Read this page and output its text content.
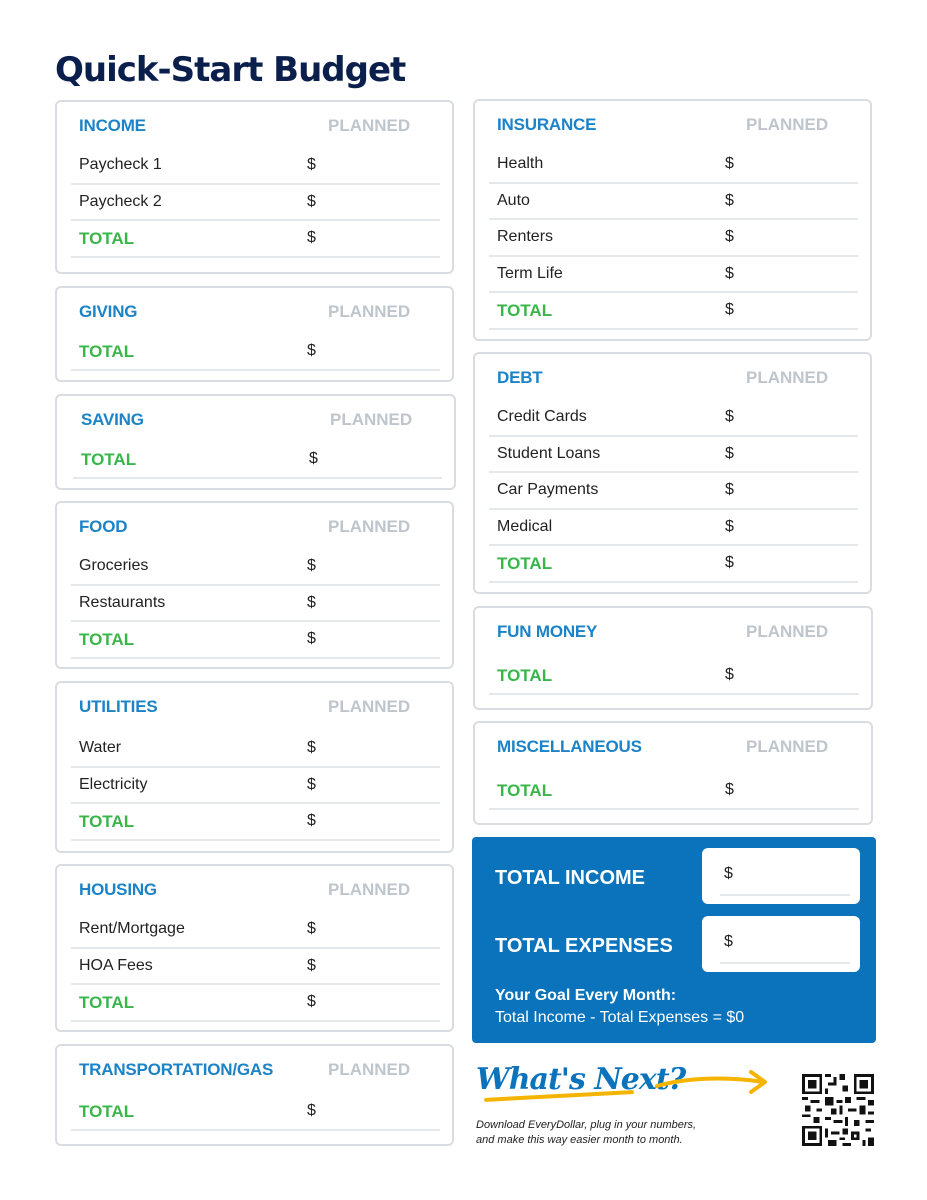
Quick-Start Budget
INCOME	PLANNED
Paycheck 1	$
Paycheck 2	$
TOTAL	$
GIVING	PLANNED
TOTAL	$
SAVING	PLANNED
TOTAL	$
FOOD	PLANNED
Groceries	$
Restaurants	$
TOTAL	$
UTILITIES	PLANNED
Water	$
Electricity	$
TOTAL	$
HOUSING	PLANNED
Rent/Mortgage	$
HOA Fees	$
TOTAL	$
TRANSPORTATION/GAS	PLANNED
TOTAL	$
INSURANCE	PLANNED
Health	$
Auto	$
Renters	$
Term Life	$
TOTAL	$
DEBT	PLANNED
Credit Cards	$
Student Loans	$
Car Payments	$
Medical	$
TOTAL	$
FUN MONEY	PLANNED
TOTAL	$
MISCELLANEOUS	PLANNED
TOTAL	$
TOTAL INCOME	$
TOTAL EXPENSES	$
Your Goal Every Month:
Total Income - Total Expenses = $0
What's Next?
Download EveryDollar, plug in your numbers,
and make this way easier month to month.
